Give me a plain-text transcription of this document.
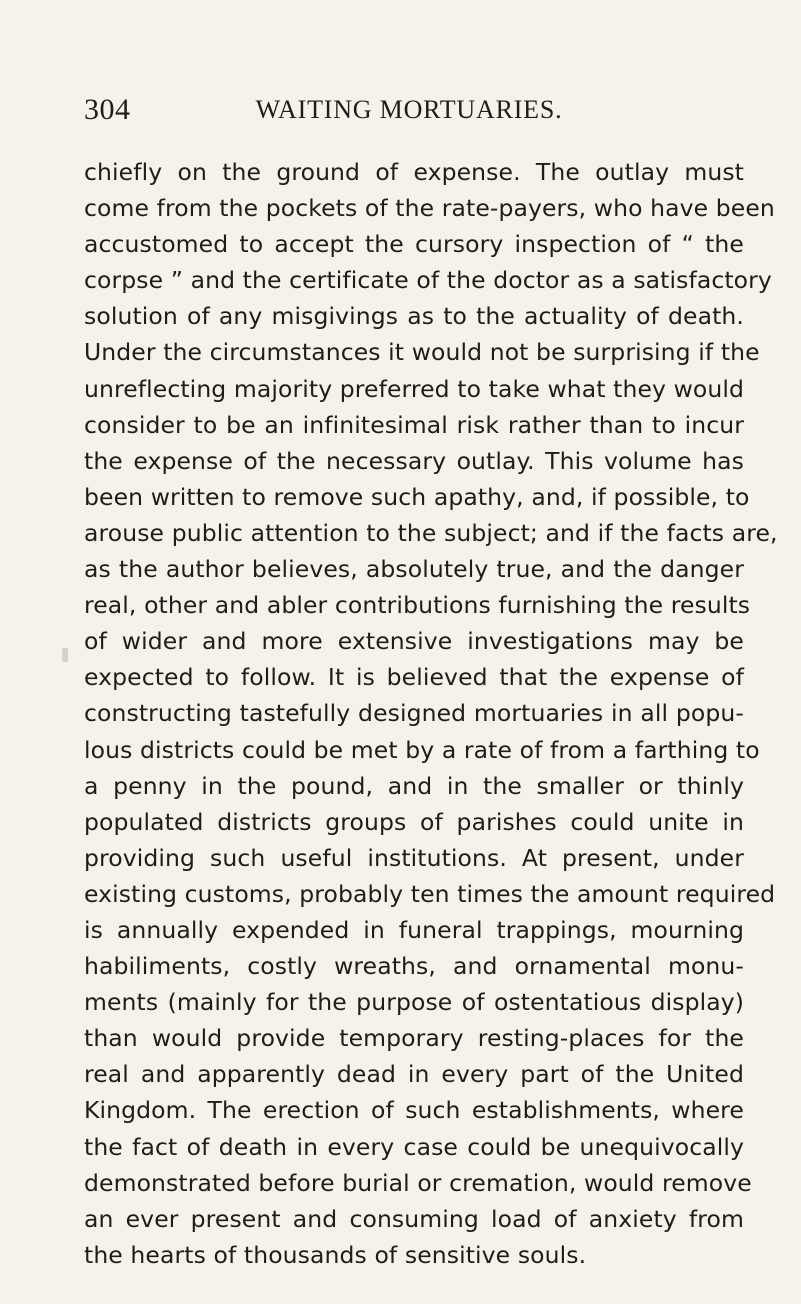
304	WAITING MORTUARIES.
chiefly on the ground of expense. The outlay must
come from the pockets of the rate-payers, who have been
accustomed to accept the cursory inspection of “ the
corpse ” and the certificate of the doctor as a satisfactory
solution of any misgivings as to the actuality of death.
Under the circumstances it would not be surprising if the
unreflecting majority preferred to take what they would
consider to be an infinitesimal risk rather than to incur
the expense of the necessary outlay. This volume has
been written to remove such apathy, and, if possible, to
arouse public attention to the subject; and if the facts are,
as the author believes, absolutely true, and the danger
real, other and abler contributions furnishing the results
of wider and more extensive investigations may be
expected to follow. It is believed that the expense of
constructing tastefully designed mortuaries in all popu-
lous districts could be met by a rate of from a farthing to
a penny in the pound, and in the smaller or thinly
populated districts groups of parishes could unite in
providing such useful institutions. At present, under
existing customs, probably ten times the amount required
is annually expended in funeral trappings, mourning
habiliments, costly wreaths, and ornamental monu-
ments (mainly for the purpose of ostentatious display)
than would provide temporary resting-places for the
real and apparently dead in every part of the United
Kingdom. The erection of such establishments, where
the fact of death in every case could be unequivocally
demonstrated before burial or cremation, would remove
an ever present and consuming load of anxiety from
the hearts of thousands of sensitive souls.
